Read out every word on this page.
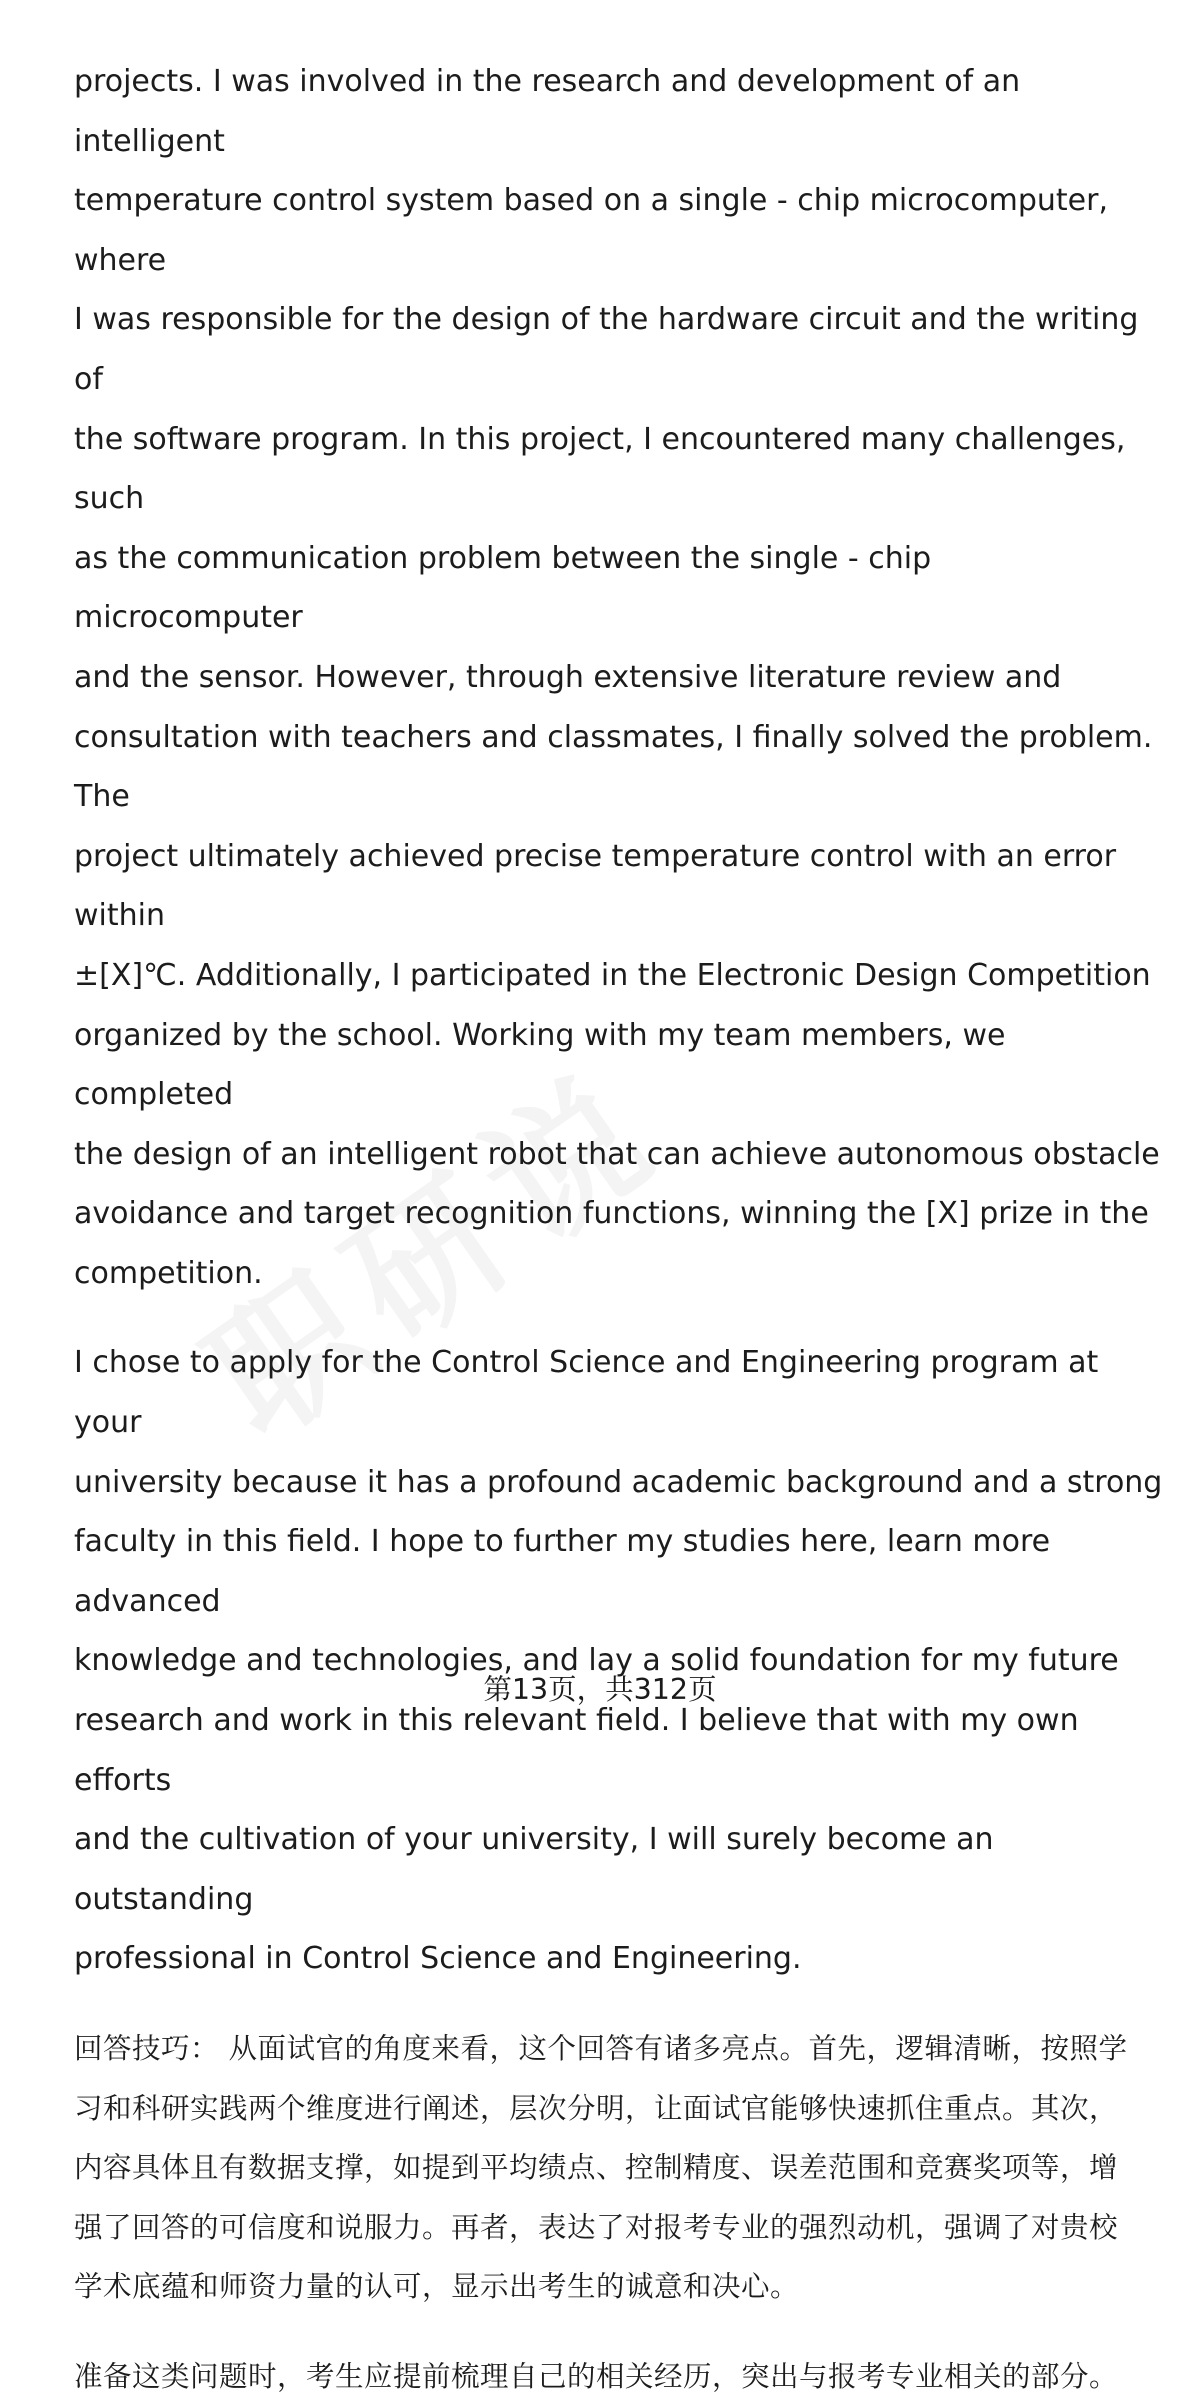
projects. I was involved in the research and development of an intelligent
temperature control system based on a single - chip microcomputer, where
I was responsible for the design of the hardware circuit and the writing of
the software program. In this project, I encountered many challenges, such
as the communication problem between the single - chip microcomputer
and the sensor. However, through extensive literature review and
consultation with teachers and classmates, I finally solved the problem. The
project ultimately achieved precise temperature control with an error within
±[X]℃. Additionally, I participated in the Electronic Design Competition
organized by the school. Working with my team members, we completed
the design of an intelligent robot that can achieve autonomous obstacle
avoidance and target recognition functions, winning the [X] prize in the
competition.

I chose to apply for the Control Science and Engineering program at your
university because it has a profound academic background and a strong
faculty in this field. I hope to further my studies here, learn more advanced
knowledge and technologies, and lay a solid foundation for my future
research and work in this relevant field. I believe that with my own efforts
and the cultivation of your university, I will surely become an outstanding
professional in Control Science and Engineering.

回答技巧： 从面试官的角度来看，这个回答有诸多亮点。首先，逻辑清晰，按照学
习和科研实践两个维度进行阐述，层次分明，让面试官能够快速抓住重点。其次，
内容具体且有数据支撑，如提到平均绩点、控制精度、误差范围和竞赛奖项等，增
强了回答的可信度和说服力。再者，表达了对报考专业的强烈动机，强调了对贵校
学术底蕴和师资力量的认可，显示出考生的诚意和决心。

准备这类问题时，考生应提前梳理自己的相关经历，突出与报考专业相关的部分。

第13页，共312页
